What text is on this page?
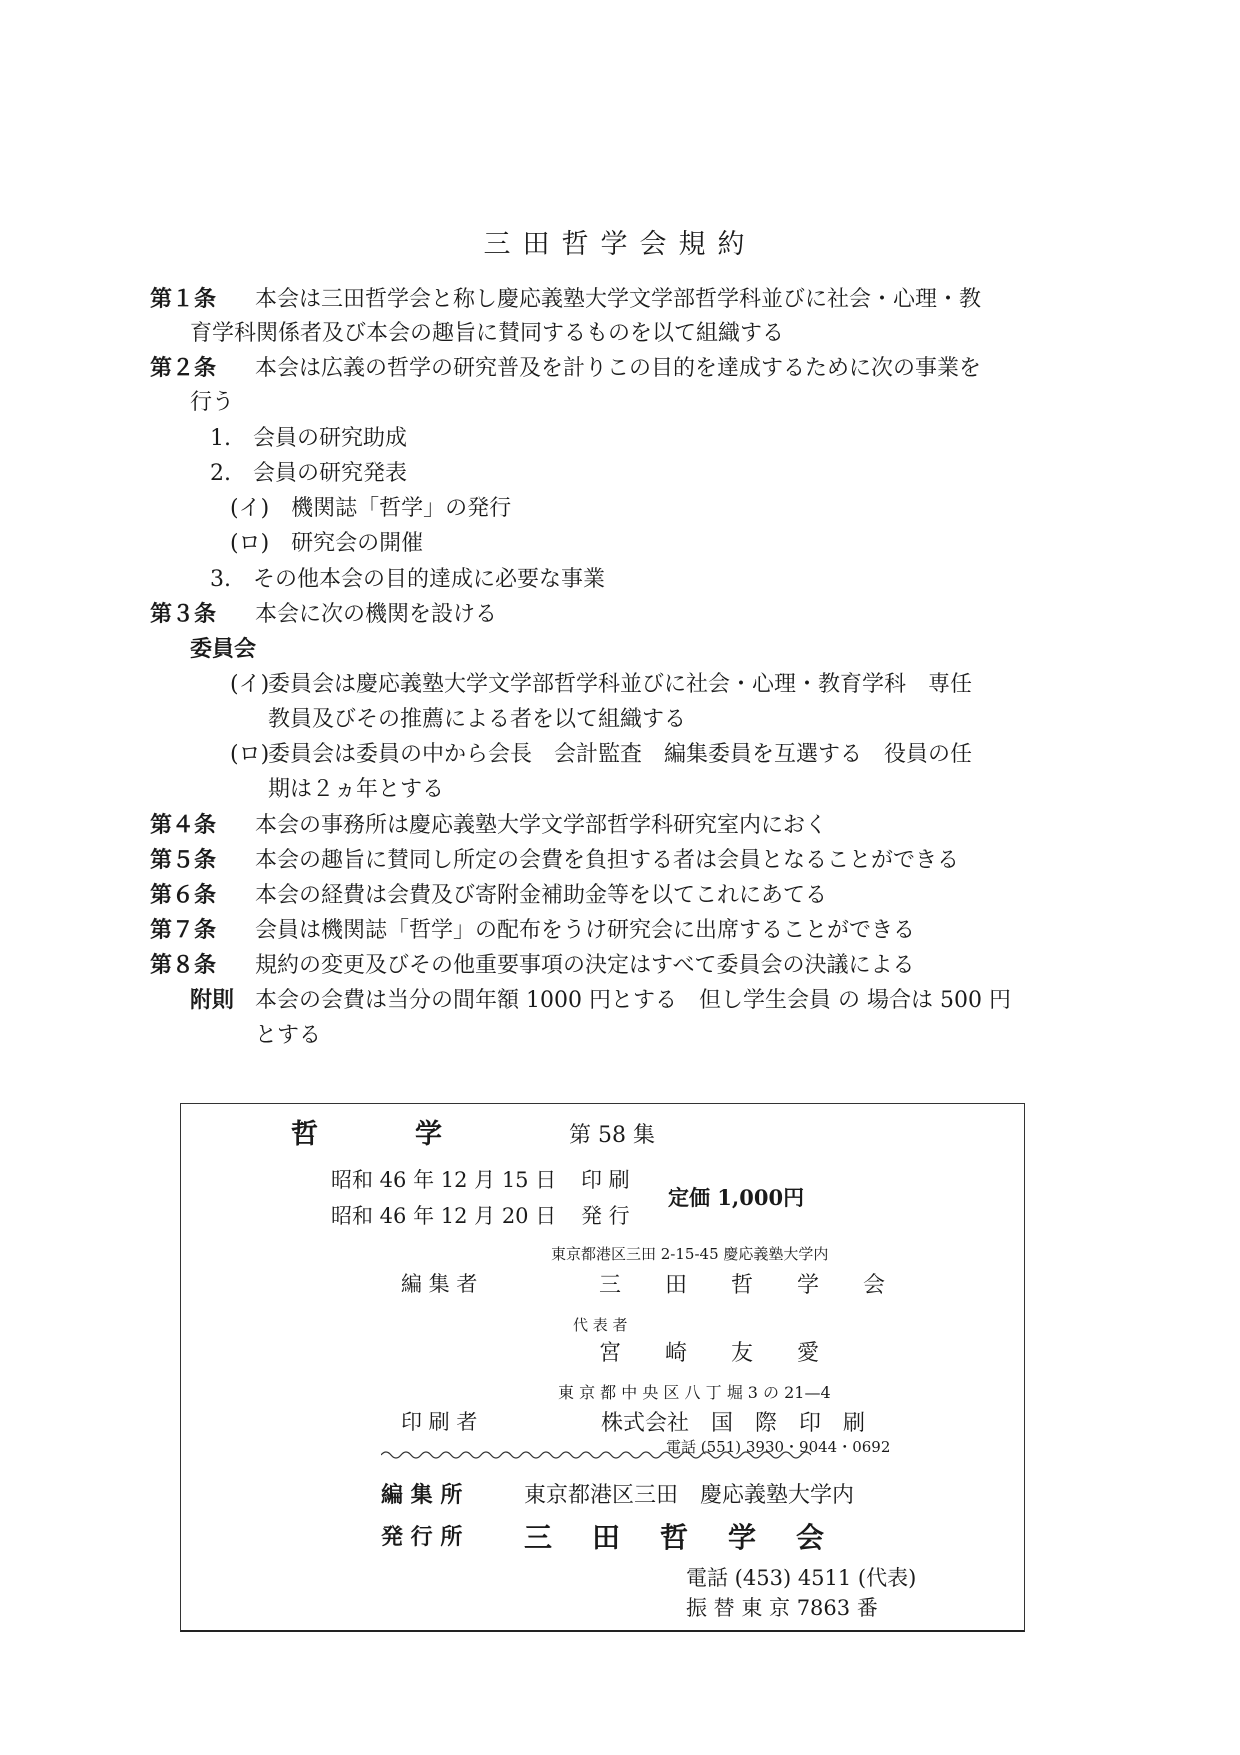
三田哲学会規約
第１条 本会は三田哲学会と称し慶応義塾大学文学部哲学科並びに社会・心理・教
育学科関係者及び本会の趣旨に賛同するものを以て組織する
第２条 本会は広義の哲学の研究普及を計りこの目的を達成するために次の事業を
行う
1.　会員の研究助成
2.　会員の研究発表
(イ)　機関誌「哲学」の発行
(ロ)　研究会の開催
3.　その他本会の目的達成に必要な事業
第３条 本会に次の機関を設ける
委員会
(イ)
委員会は慶応義塾大学文学部哲学科並びに社会・心理・教育学科　専任
教員及びその推薦による者を以て組織する
(ロ)
委員会は委員の中から会長　会計監査　編集委員を互選する　役員の任
期は２ヵ年とする
第４条 本会の事務所は慶応義塾大学文学部哲学科研究室内におく
第５条 本会の趣旨に賛同し所定の会費を負担する者は会員となることができる
第６条 本会の経費は会費及び寄附金補助金等を以てこれにあてる
第７条 会員は機関誌「哲学」の配布をうけ研究会に出席することができる
第８条 規約の変更及びその他重要事項の決定はすべて委員会の決議による
附則 本会の会費は当分の間年額 1000 円とする　但し学生会員 の 場合は 500 円
とする
哲　　　学	第 58 集
昭和 46 年 12 月 15 日 印 刷
昭和 46 年 12 月 20 日 発 行
定価 1,000円
東京都港区三田 2-15-45 慶応義塾大学内
編 集 者	三　　田　　哲　　学　　会
代 表 者
宮　　崎　　友　　愛
東 京 都 中 央 区 八 丁 堀 3 の 21—4
印 刷 者	株式会社　国　際　印　刷
電話 (551) 3930・9044・0692
編 集 所	東京都港区三田　慶応義塾大学内
発 行 所 三　田　哲　学　会
電話 (453) 4511 (代表)
振 替 東 京 7863 番
